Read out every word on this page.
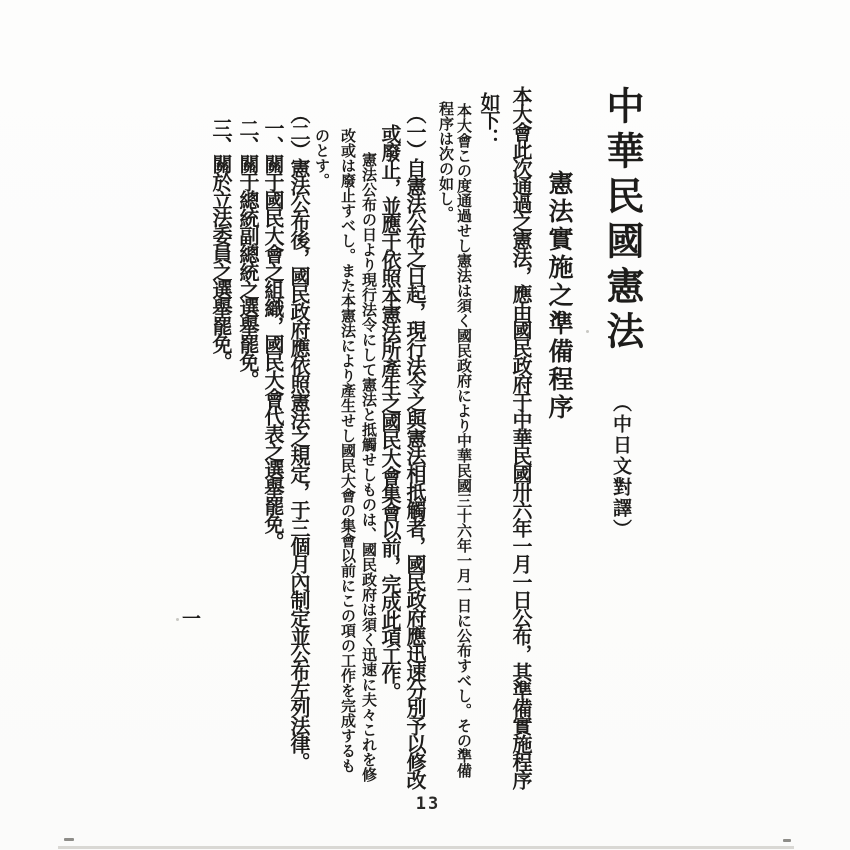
中華民國憲法
（中日文對譯）
憲法實施之準備程序
本大會此次通過之憲法，應由國民政府于中華民國卅六年一月一日公布，其準備實施程序
如下：
本大會この度通過せし憲法は須く國民政府により中華民國三十六年一月一日に公布すべし。その準備
程序は次の如し。
（一）自憲法公布之日起，現行法令之與憲法相抵觸者，國民政府應迅速分別予以修改
或廢止，並應于依照本憲法所產生之國民大會集會以前，完成此項工作。
憲法公布の日より現行法令にして憲法と抵觸せしものは、國民政府は須く迅速に夫々これを修
改或は廢止すべし。また本憲法により產生せし國民大會の集會以前にこの項の工作を完成するも
のとす。
（二）憲法公布後，國民政府應依照憲法之規定，于三個月內制定並公布左列法律。
一、關于國民大會之組織，國民大會代表之選舉罷免。
二、關于總統副總統之選舉罷免。
三、關於立法委員之選舉罷免。
一
13
